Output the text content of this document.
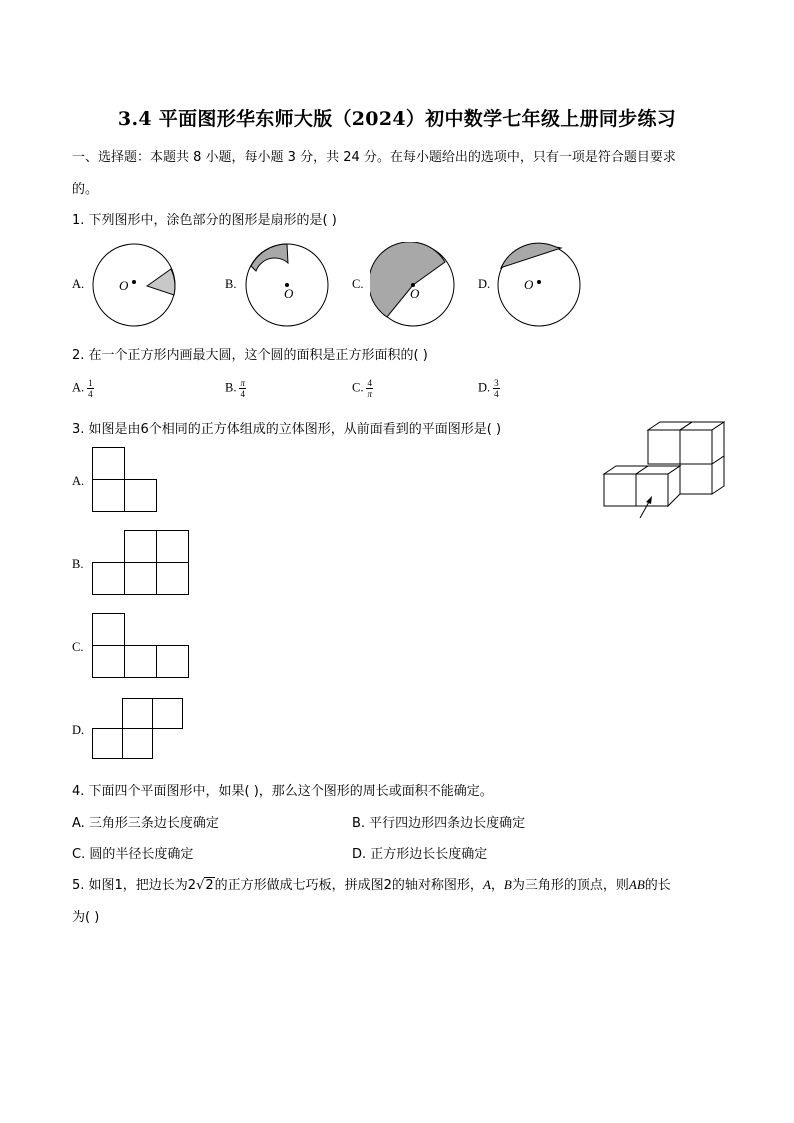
3.4 平面图形华东师大版（2024）初中数学七年级上册同步练习
一、选择题：本题共 8 小题，每小题 3 分，共 24 分。在每小题给出的选项中，只有一项是符合题目要求
的。
1. 下列图形中，涂色部分的图形是扇形的是( )
A.	O	B.
O
C.
O
D.	O
2. 在一个正方形内画最大圆，这个圆的面积是正方形面积的( )
A. $\frac{1}{4}$	B. $\frac{\pi}{4}$	C. $\frac{4}{\pi}$	D. $\frac{3}{4}$
3. 如图是由6个相同的正方体组成的立体图形，从前面看到的平面图形是( )
A.
B.
C.
D.
4. 下面四个平面图形中，如果( )，那么这个图形的周长或面积不能确定。
A. 三角形三条边长度确定	B. 平行四边形四条边长度确定
C. 圆的半径长度确定	D. 正方形边长长度确定
5. 如图1，把边长为2√2的正方形做成七巧板，拼成图2的轴对称图形，A，B为三角形的顶点，则AB的长
为( )
